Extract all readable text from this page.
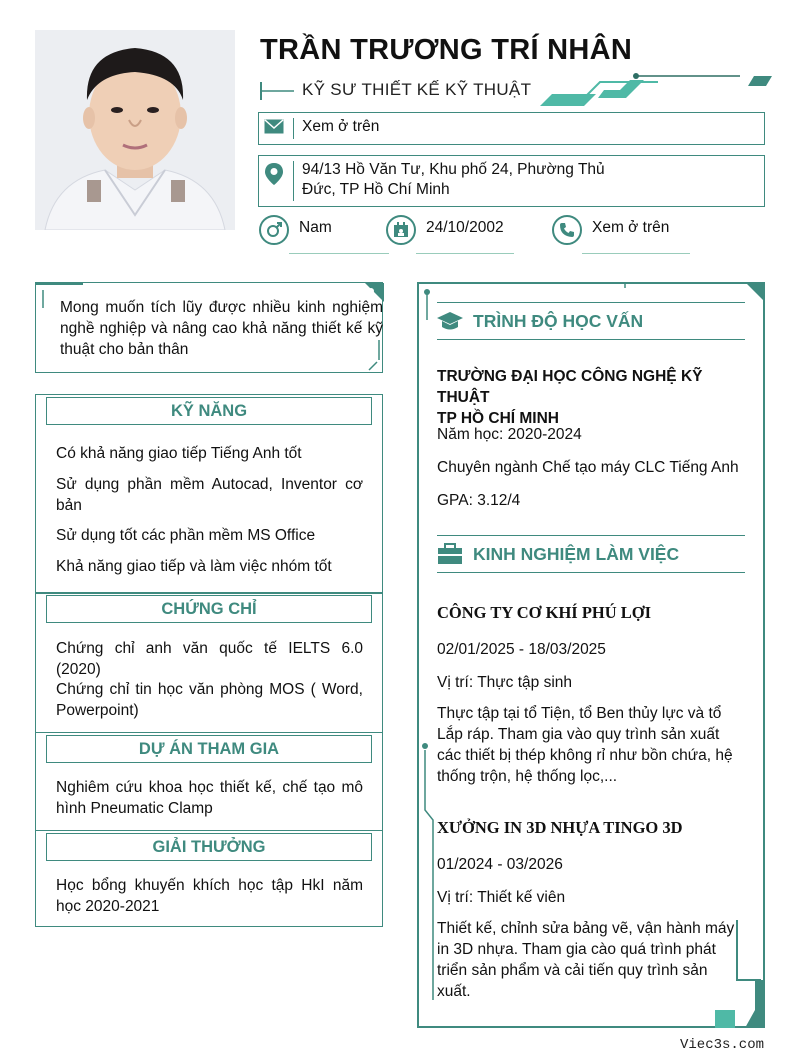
TRẦN TRƯƠNG TRÍ NHÂN
KỸ SƯ THIẾT KẾ KỸ THUẬT
Xem ở trên
94/13 Hồ Văn Tư, Khu phố 24, Phường Thủ
Đức, TP Hồ Chí Minh
Nam	24/10/2002	Xem ở trên

Mong muốn tích lũy được nhiều kinh nghiệm nghề nghiệp và nâng cao khả năng thiết kế kỹ thuật cho bản thân

KỸ NĂNG
Có khả năng giao tiếp Tiếng Anh tốt
Sử dụng phần mềm Autocad, Inventor cơ bản
Sử dụng tốt các phần mềm MS Office
Khả năng giao tiếp và làm việc nhóm tốt
CHỨNG CHỈ
Chứng chỉ anh văn quốc tế IELTS 6.0 (2020)
Chứng chỉ tin học văn phòng MOS ( Word, Powerpoint)
DỰ ÁN THAM GIA
Nghiêm cứu khoa học thiết kế, chế tạo mô hình Pneumatic Clamp
GIẢI THƯỞNG
Học bổng khuyến khích học tập HkI năm học 2020-2021
TRÌNH ĐỘ HỌC VẤN
TRƯỜNG ĐẠI HỌC CÔNG NGHỆ KỸ THUẬT
TP HỒ CHÍ MINH
Năm học: 2020-2024
Chuyên ngành Chế tạo máy CLC Tiếng Anh
GPA: 3.12/4
KINH NGHIỆM LÀM VIỆC
CÔNG TY CƠ KHÍ PHÚ LỢI
02/01/2025 - 18/03/2025
Vị trí: Thực tập sinh
Thực tập tại tổ Tiện, tổ Ben thủy lực và tổ Lắp ráp. Tham gia vào quy trình sản xuất các thiết bị thép không rỉ như bồn chứa, hệ thống trộn, hệ thống lọc,...
XƯỞNG IN 3D NHỰA TINGO 3D
01/2024 - 03/2026
Vị trí: Thiết kế viên
Thiết kế, chỉnh sửa bảng vẽ, vận hành máy in 3D nhựa. Tham gia cào quá trình phát triển sản phẩm và cải tiến quy trình sản xuất.
Viec3s.com
